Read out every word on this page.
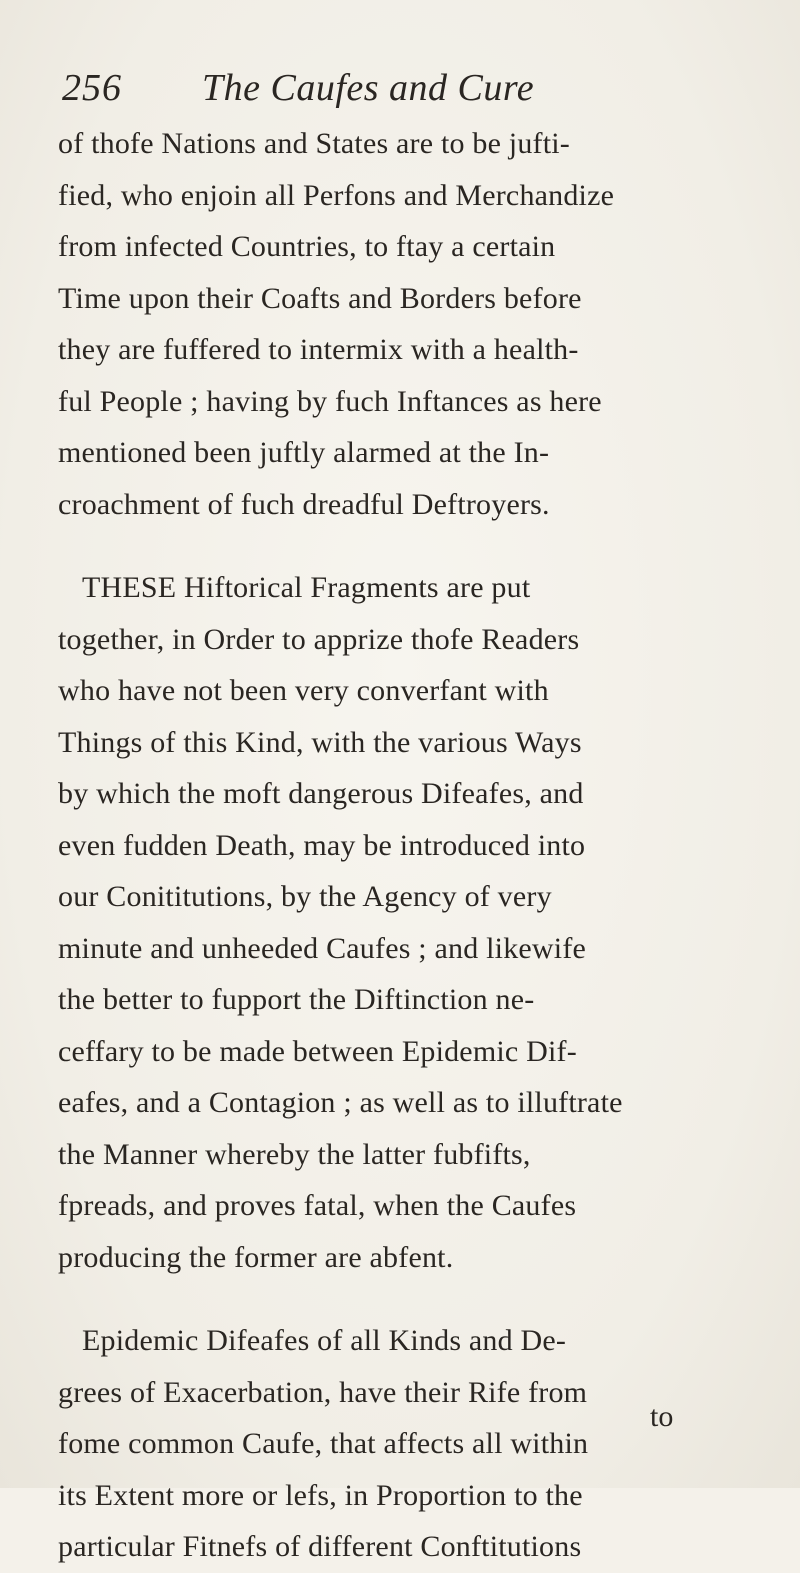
256 The Caufes and Cure
of thofe Nations and States are to be jufti-
fied, who enjoin all Perfons and Merchandize
from infected Countries, to ftay a certain
Time upon their Coafts and Borders before
they are fuffered to intermix with a health-
ful People ; having by fuch Inftances as here
mentioned been juftly alarmed at the In-
croachment of fuch dreadful Deftroyers.
THESE Hiftorical Fragments are put
together, in Order to apprize thofe Readers
who have not been very converfant with
Things of this Kind, with the various Ways
by which the moft dangerous Difeafes, and
even fudden Death, may be introduced into
our Conititutions, by the Agency of very
minute and unheeded Caufes ; and likewife
the better to fupport the Diftinction ne-
ceffary to be made between Epidemic Dif-
eafes, and a Contagion ; as well as to illuftrate
the Manner whereby the latter fubfifts,
fpreads, and proves fatal, when the Caufes
producing the former are abfent.
Epidemic Difeafes of all Kinds and De-
grees of Exacerbation, have their Rife from
fome common Caufe, that affects all within
its Extent more or lefs, in Proportion to the
particular Fitnefs of different Conftitutions
to
